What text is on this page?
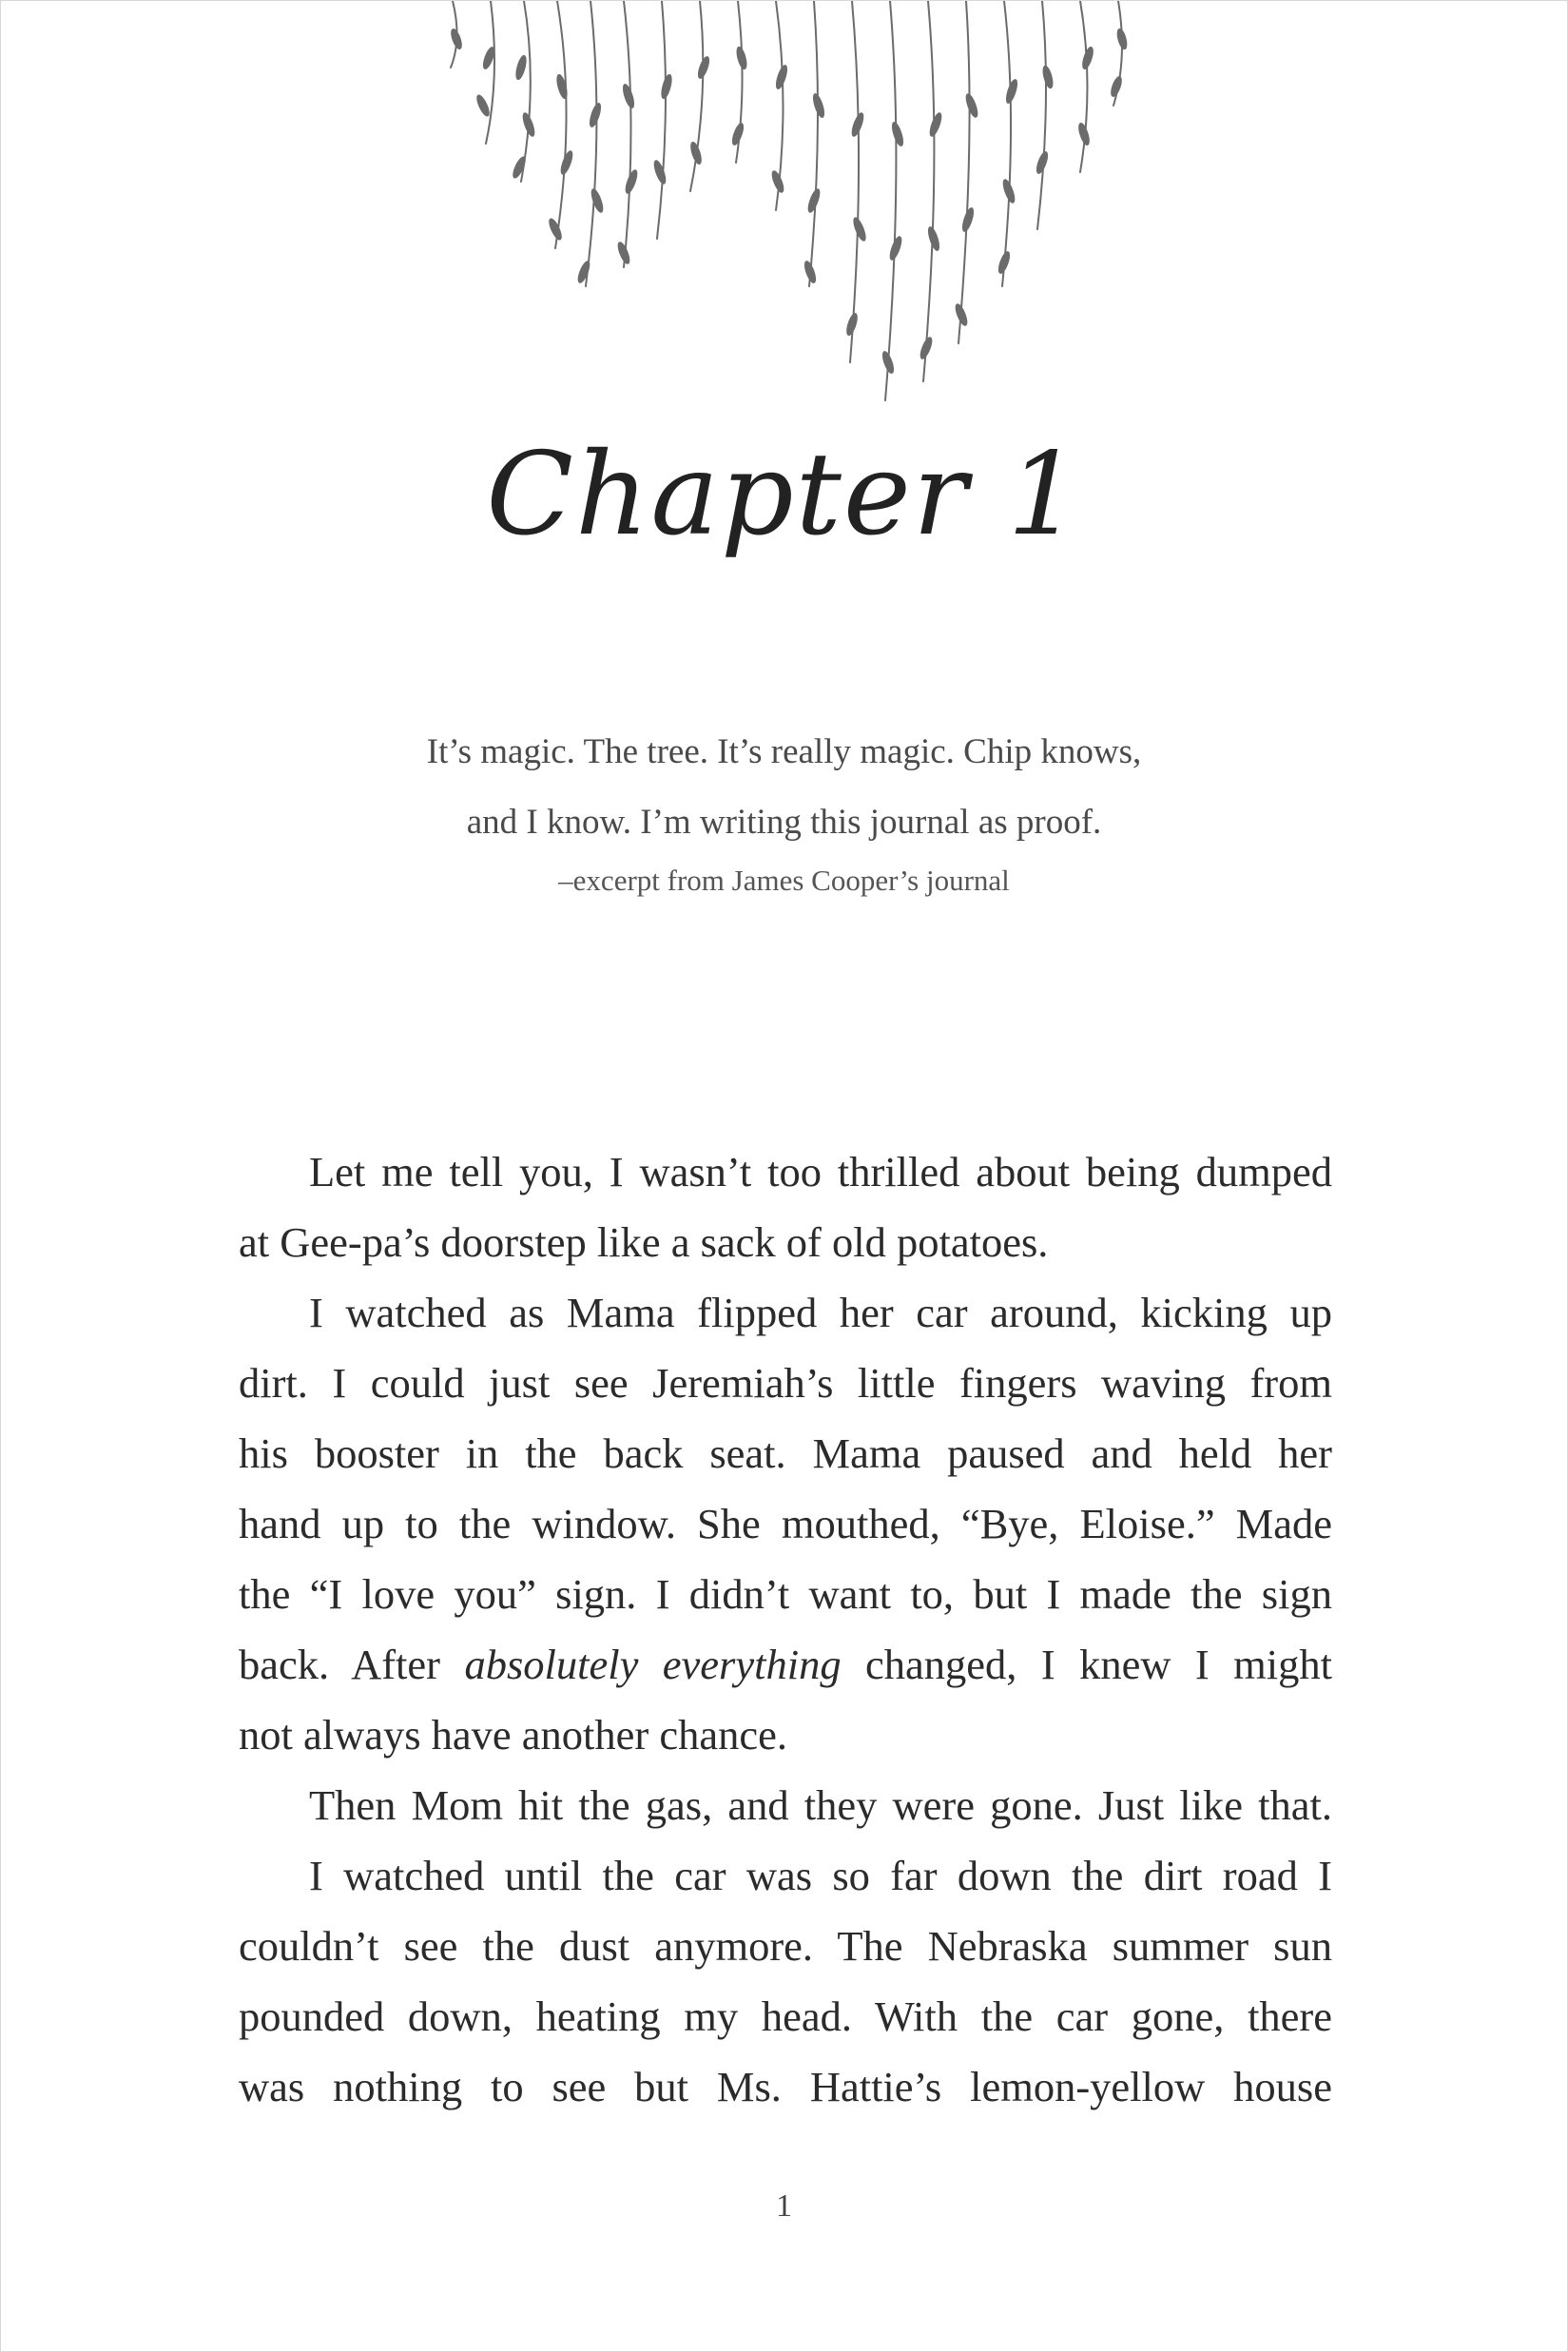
Chapter 1
It’s magic. The tree. It’s really magic. Chip knows,
and I know. I’m writing this journal as proof.
–excerpt from James Cooper’s journal
Let me tell you, I wasn’t too thrilled about being dumped
at Gee-pa’s doorstep like a sack of old potatoes.
I watched as Mama flipped her car around, kicking up
dirt. I could just see Jeremiah’s little fingers waving from
his booster in the back seat. Mama paused and held her
hand up to the window. She mouthed, “Bye, Eloise.” Made
the “I love you” sign. I didn’t want to, but I made the sign
back. After absolutely everything changed, I knew I might
not always have another chance.
Then Mom hit the gas, and they were gone. Just like that.
I watched until the car was so far down the dirt road I
couldn’t see the dust anymore. The Nebraska summer sun
pounded down, heating my head. With the car gone, there
was nothing to see but Ms. Hattie’s lemon-yellow house
1
